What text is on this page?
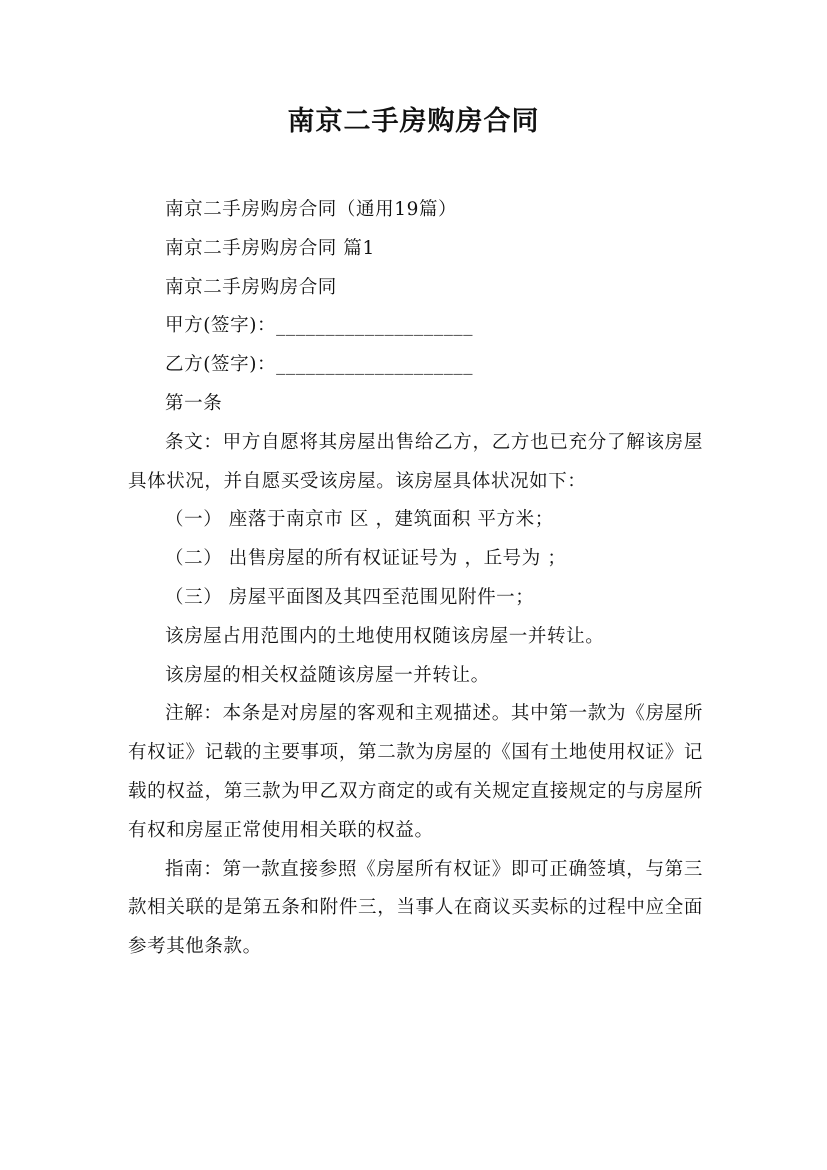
南京二手房购房合同

南京二手房购房合同（通用19篇）

南京二手房购房合同 篇1

南京二手房购房合同

甲方(签字)：____________________

乙方(签字)：____________________

第一条

条文：甲方自愿将其房屋出售给乙方，乙方也已充分了解该房屋具体状况，并自愿买受该房屋。该房屋具体状况如下：

（一） 座落于南京市 区 ，建筑面积 平方米；

（二） 出售房屋的所有权证证号为 ，丘号为 ；

（三） 房屋平面图及其四至范围见附件一；

该房屋占用范围内的土地使用权随该房屋一并转让。

该房屋的相关权益随该房屋一并转让。

注解：本条是对房屋的客观和主观描述。其中第一款为《房屋所有权证》记载的主要事项，第二款为房屋的《国有土地使用权证》记载的权益，第三款为甲乙双方商定的或有关规定直接规定的与房屋所有权和房屋正常使用相关联的权益。

指南：第一款直接参照《房屋所有权证》即可正确签填，与第三款相关联的是第五条和附件三，当事人在商议买卖标的过程中应全面参考其他条款。
